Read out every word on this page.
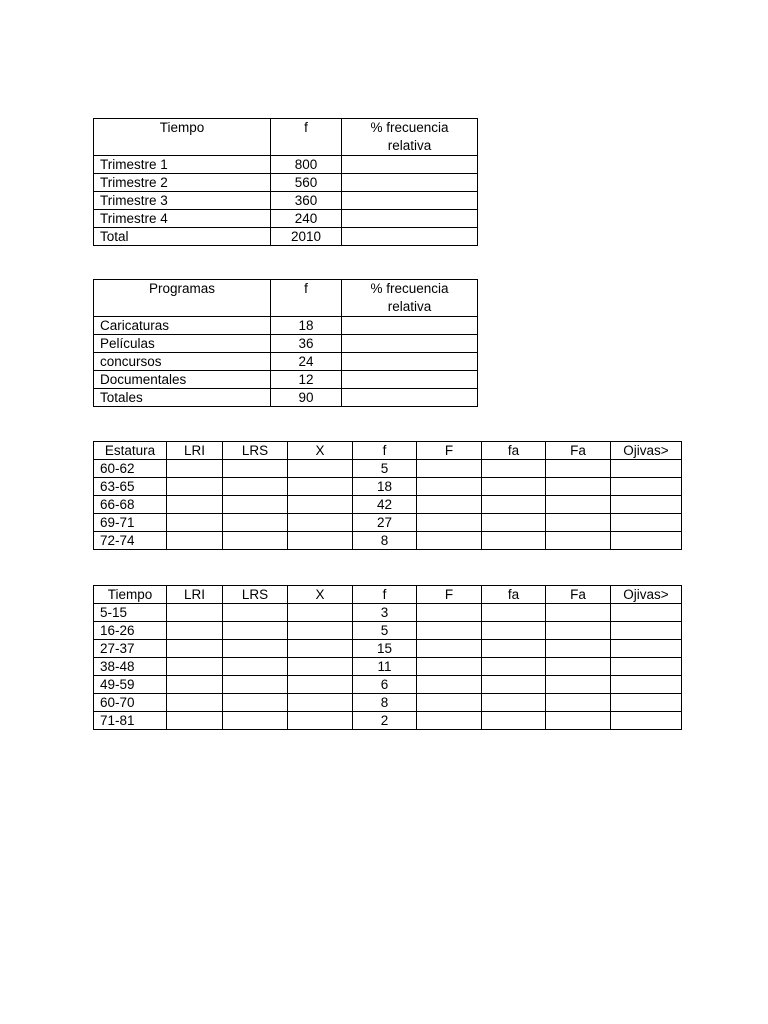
Tiempo	f	% frecuencia relativa
Trimestre 1	800	
Trimestre 2	560	
Trimestre 3	360	
Trimestre 4	240	
Total	2010	
Programas	f	% frecuencia relativa
Caricaturas	18	
Películas	36	
concursos	24	
Documentales	12	
Totales	90	
Estatura	LRI	LRS	X	f	F	fa	Fa	Ojivas>
60-62				5				
63-65				18				
66-68				42				
69-71				27				
72-74				8				
Tiempo	LRI	LRS	X	f	F	fa	Fa	Ojivas>
5-15				3				
16-26				5				
27-37				15				
38-48				11				
49-59				6				
60-70				8				
71-81				2				
